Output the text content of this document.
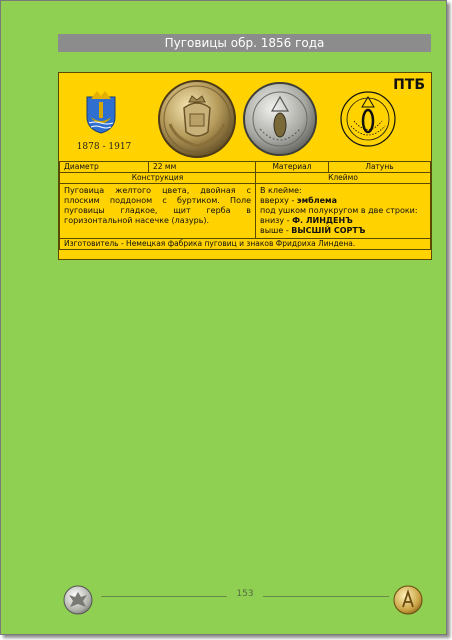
Пуговицы обр. 1856 года
ПТБ
1878 - 1917
Диаметр	22 мм	Материал	Латунь
Конструкция		Клеймо	
Пуговица желтого цвета, двойная с плоским поддоном с буртиком. Поле пуговицы гладкое, щит герба в горизонтальной насечке (лазурь).		В клейме:
вверху - эмблема
под ушком полукругом в две строки:
внизу - Ф. ЛИНДЕНЪ
выше - ВЫСШIЙ СОРТЪ	

Изготовитель - Немецкая фабрика пуговиц и знаков Фридриха Линдена.			
153
